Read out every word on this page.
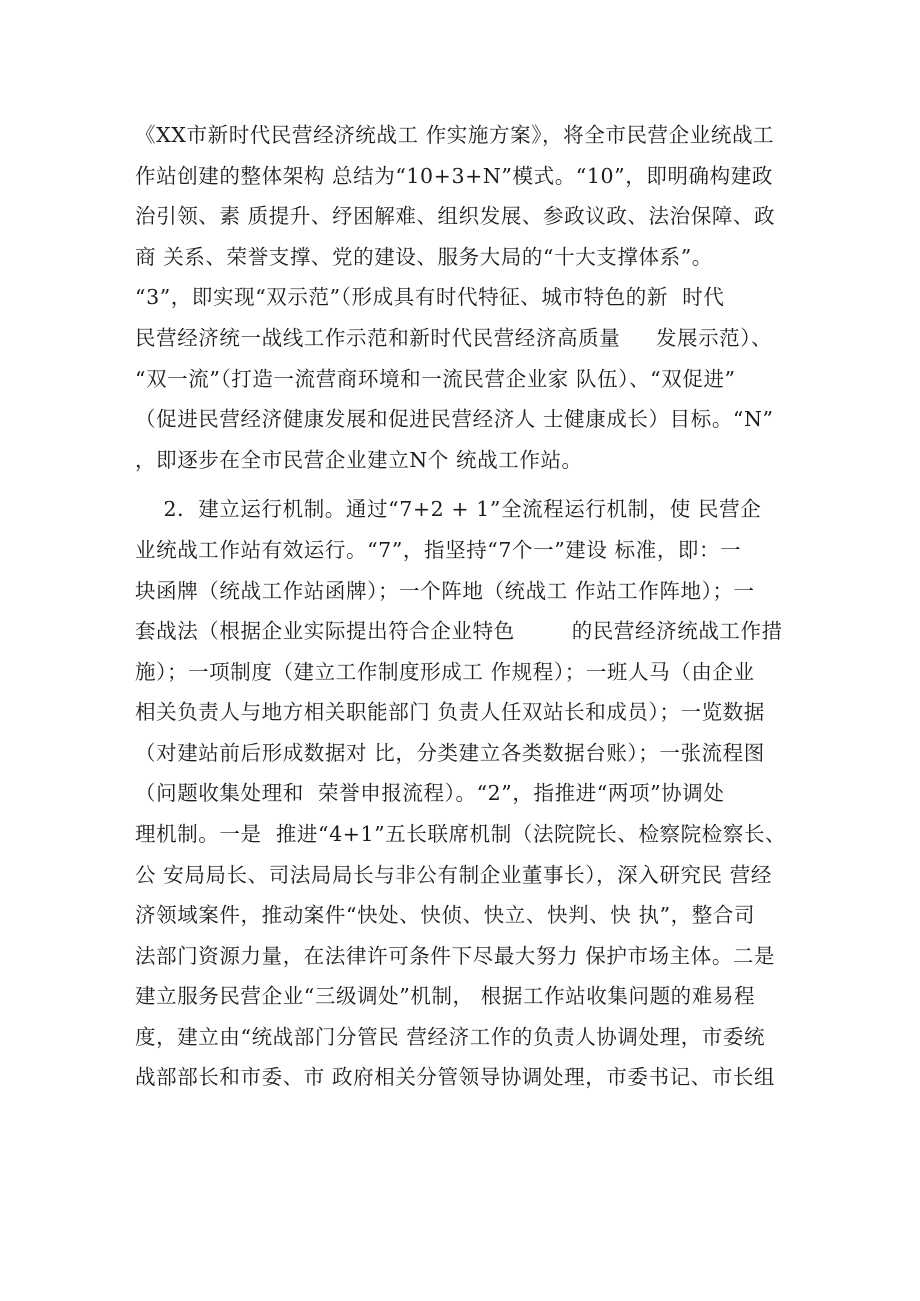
《XX市新时代民营经济统战工 作实施方案》，将全市民营企业统战工
作站创建的整体架构 总结为“10+3+N”模式。“10”，即明确构建政
治引领、素 质提升、纾困解难、组织发展、参政议政、法治保障、政
商 关系、荣誉支撑、党的建设、服务大局的“十大支撑体系”。
“3”，即实现“双示范”（形成具有时代特征、城市特色的新  时代
民营经济统一战线工作示范和新时代民营经济高质量     发展示范）、
“双一流”（打造一流营商环境和一流民营企业家 队伍）、“双促进”
（促进民营经济健康发展和促进民营经济人 士健康成长）目标。“N”
，即逐步在全市民营企业建立N个 统战工作站。
2．建立运行机制。通过“7+2 + 1”全流程运行机制，使 民营企
业统战工作站有效运行。“7”，指坚持“7个一”建设 标准，即：一
块函牌（统战工作站函牌）；一个阵地（统战工 作站工作阵地）；一
套战法（根据企业实际提出符合企业特色        的民营经济统战工作措
施）；一项制度（建立工作制度形成工 作规程）；一班人马（由企业
相关负责人与地方相关职能部门 负责人任双站长和成员）；一览数据
（对建站前后形成数据对 比，分类建立各类数据台账）；一张流程图
（问题收集处理和  荣誉申报流程）。“2”，指推进“两项”协调处
理机制。一是  推进“4+1”五长联席机制（法院院长、检察院检察长、
公 安局局长、司法局局长与非公有制企业董事长），深入研究民 营经
济领域案件，推动案件“快处、快侦、快立、快判、快 执”，整合司
法部门资源力量，在法律许可条件下尽最大努力 保护市场主体。二是
建立服务民营企业“三级调处”机制， 根据工作站收集问题的难易程
度，建立由“统战部门分管民 营经济工作的负责人协调处理，市委统
战部部长和市委、市 政府相关分管领导协调处理，市委书记、市长组
